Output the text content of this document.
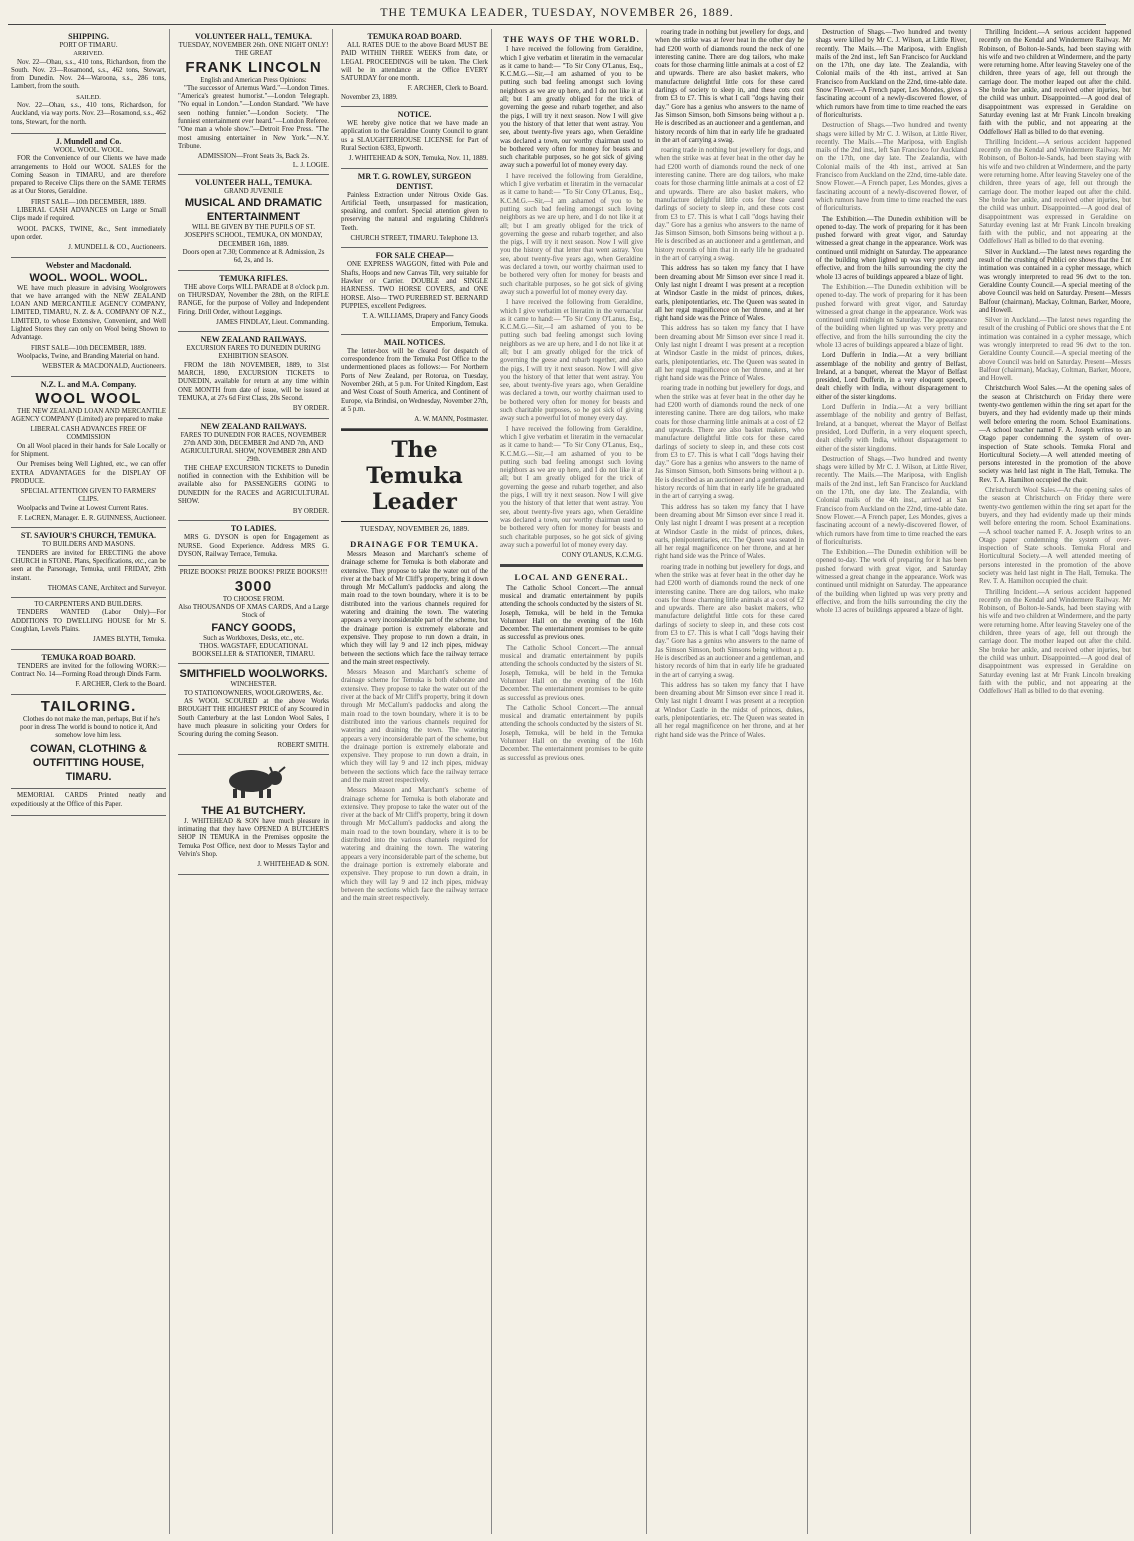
THE TEMUKA LEADER, TUESDAY, NOVEMBER 26, 1889.
SHIPPING.
PORT OF TIMARU.
ARRIVED.

Nov. 22—Ohau, s.s., 410 tons, Richardson, from the South. Nov. 23—Rosamond, s.s., 462 tons, Stewart, from Dunedin. Nov. 24—Waroona, s.s., 286 tons, Lambert, from the south.

SAILED.

Nov. 22—Ohau, s.s., 410 tons, Richardson, for Auckland, via way ports. Nov. 23—Rosamond, s.s., 462 tons, Stewart, for the north.

J. Mundell and Co.
WOOL. WOOL. WOOL.

FOR the Convenience of our Clients we have made arrangements to Hold our WOOL SALES for the Coming Season in TIMARU, and are therefore prepared to Receive Clips there on the SAME TERMS as at Our Stores, Geraldine.

FIRST SALE—10th DECEMBER, 1889.

LIBERAL CASH ADVANCES on Large or Small Clips made if required.

WOOL PACKS, TWINE, &c., Sent immediately upon order.

J. MUNDELL & CO., Auctioneers.
Webster and Macdonald.
WOOL. WOOL. WOOL.

WE have much pleasure in advising Woolgrowers that we have arranged with the NEW ZEALAND LOAN AND MERCANTILE AGENCY COMPANY, LIMITED, TIMARU, N. Z. & A. COMPANY OF N.Z., LIMITED, to whose Extensive, Convenient, and Well Lighted Stores they can only on Wool being Shown to Advantage.

FIRST SALE—10th DECEMBER, 1889.

Woolpacks, Twine, and Branding Material on hand.

WEBSTER & MACDONALD, Auctioneers.
N.Z. L. and M.A. Company.
WOOL WOOL

THE NEW ZEALAND LOAN AND MERCANTILE AGENCY COMPANY (Limited) are prepared to make

LIBERAL CASH ADVANCES FREE OF COMMISSION

On all Wool placed in their hands for Sale Locally or for Shipment.

Our Premises being Well Lighted, etc., we can offer EXTRA ADVANTAGES for the DISPLAY OF PRODUCE.

SPECIAL ATTENTION GIVEN TO FARMERS' CLIPS.

Woolpacks and Twine at Lowest Current Rates.

F. LeCREN, Manager. E. R. GUINNESS, Auctioneer.
ST. SAVIOUR'S CHURCH, TEMUKA.
TO BUILDERS AND MASONS.

TENDERS are invited for ERECTING the above CHURCH in STONE. Plans, Specifications, etc., can be seen at the Parsonage, Temuka, until FRIDAY, 29th instant.

THOMAS CANE, Architect and Surveyor.
TO CARPENTERS AND BUILDERS.

TENDERS WANTED (Labor Only)—For ADDITIONS TO DWELLING HOUSE for Mr S. Coughlan, Levels Plains.

JAMES BLYTH, Temuka.
TEMUKA ROAD BOARD.

TENDERS are invited for the following WORK:— Contract No. 14—Forming Road through Dinds Farm.

F. ARCHER, Clerk to the Board.
TAILORING.

Clothes do not make the man, perhaps, But if he's poor in dress The world is bound to notice it, And somehow love him less.

COWAN, CLOTHING & OUTFITTING HOUSE, TIMARU.

MEMORIAL CARDS Printed neatly and expeditiously at the Office of this Paper.

VOLUNTEER HALL, TEMUKA.
TUESDAY, NOVEMBER 26th. ONE NIGHT ONLY! THE GREAT
FRANK LINCOLN
English and American Press Opinions:

"The successor of Artemus Ward."—London Times. "America's greatest humorist."—London Telegraph. "No equal in London."—London Standard. "We have seen nothing funnier."—London Society. "The funniest entertainment ever heard."—London Referee. "One man a whole show."—Detroit Free Press. "The most amusing entertainer in New York."—N.Y. Tribune.

ADMISSION—Front Seats 3s, Back 2s.
L. J. LOGIE.
VOLUNTEER HALL, TEMUKA.
GRAND JUVENILE
MUSICAL AND DRAMATIC ENTERTAINMENT
WILL BE GIVEN BY THE PUPILS OF ST. JOSEPH'S SCHOOL, TEMUKA, ON MONDAY, DECEMBER 16th, 1889.
Doors open at 7.30; Commence at 8. Admission, 2s 6d, 2s, and 1s.
TEMUKA RIFLES.

THE above Corps WILL PARADE at 8 o'clock p.m. on THURSDAY, November the 28th, on the RIFLE RANGE, for the purpose of Volley and Independent Firing. Drill Order, without Leggings.

JAMES FINDLAY, Lieut. Commanding.
NEW ZEALAND RAILWAYS.
EXCURSION FARES TO DUNEDIN DURING EXHIBITION SEASON.

FROM the 18th NOVEMBER, 1889, to 31st MARCH, 1890, EXCURSION TICKETS to DUNEDIN, available for return at any time within ONE MONTH from date of issue, will be issued at TEMUKA, at 27s 6d First Class, 20s Second.

BY ORDER.
NEW ZEALAND RAILWAYS.
FARES TO DUNEDIN FOR RACES, NOVEMBER 27th AND 30th, DECEMBER 2nd AND 7th, AND AGRICULTURAL SHOW, NOVEMBER 28th AND 29th.

THE CHEAP EXCURSION TICKETS to Dunedin notified in connection with the Exhibition will be available also for PASSENGERS GOING to DUNEDIN for the RACES and AGRICULTURAL SHOW.

BY ORDER.
TO LADIES.

MRS G. DYSON is open for Engagement as NURSE. Good Experience. Address MRS G. DYSON, Railway Terrace, Temuka.

PRIZE BOOKS! PRIZE BOOKS! PRIZE BOOKS!!!
3000
TO CHOOSE FROM.
Also THOUSANDS OF XMAS CARDS, And a Large Stock of
FANCY GOODS,
Such as Workboxes, Desks, etc., etc.
THOS. WAGSTAFF, EDUCATIONAL BOOKSELLER & STATIONER, TIMARU.
SMITHFIELD WOOLWORKS.
WINCHESTER.
TO STATIONOWNERS, WOOLGROWERS, &c.

AS WOOL SCOURED at the above Works BROUGHT THE HIGHEST PRICE of any Scoured in South Canterbury at the last London Wool Sales, I have much pleasure in soliciting your Orders for Scouring during the coming Season.

ROBERT SMITH.
THE A1 BUTCHERY.

J. WHITEHEAD & SON have much pleasure in intimating that they have OPENED A BUTCHER'S SHOP IN TEMUKA in the Premises opposite the Temuka Post Office, next door to Messrs Taylor and Velvin's Shop.

J. WHITEHEAD & SON.
TEMUKA ROAD BOARD.

ALL RATES DUE to the above Board MUST BE PAID WITHIN THREE WEEKS from date, or LEGAL PROCEEDINGS will be taken. The Clerk will be in attendance at the Office EVERY SATURDAY for one month.

F. ARCHER, Clerk to Board.
November 23, 1889.
NOTICE.

WE hereby give notice that we have made an application to the Geraldine County Council to grant us a SLAUGHTERHOUSE LICENSE for Part of Rural Section 6383, Epworth.

J. WHITEHEAD & SON, Temuka, Nov. 11, 1889.
MR T. G. ROWLEY, SURGEON DENTIST.

Painless Extraction under Nitrous Oxide Gas. Artificial Teeth, unsurpassed for mastication, speaking, and comfort. Special attention given to preserving the natural and regulating Children's Teeth.

CHURCH STREET, TIMARU. Telephone 13.
FOR SALE CHEAP—

ONE EXPRESS WAGGON, fitted with Pole and Shafts, Hoops and new Canvas Tilt, very suitable for Hawker or Carrier. DOUBLE and SINGLE HARNESS. TWO HORSE COVERS, and ONE HORSE. Also— TWO PUREBRED ST. BERNARD PUPPIES, excellent Pedigrees.

T. A. WILLIAMS, Drapery and Fancy Goods Emporium, Temuka.
MAIL NOTICES.

The letter-box will be cleared for despatch of correspondence from the Temuka Post Office to the undermentioned places as follows:— For Northern Ports of New Zealand, per Rotorua, on Tuesday, November 26th, at 5 p.m. For United Kingdom, East and West Coast of South America, and Continent of Europe, via Brindisi, on Wednesday, November 27th, at 5 p.m.

A. W. MANN, Postmaster.
The Temuka Leader
TUESDAY, NOVEMBER 26, 1889.
DRAINAGE FOR TEMUKA.

Messrs Meason and Marchant's scheme of drainage scheme for Temuka is both elaborate and extensive. They propose to take the water out of the river at the back of Mr Cliff's property, bring it down through Mr McCallum's paddocks and along the main road to the town boundary, where it is to be distributed into the various channels required for watering and draining the town. The watering appears a very inconsiderable part of the scheme, but the drainage portion is extremely elaborate and expensive. They propose to run down a drain, in which they will lay 9 and 12 inch pipes, midway between the sections which face the railway terrace and the main street respectively.

Messrs Meason and Marchant's scheme of drainage scheme for Temuka is both elaborate and extensive. They propose to take the water out of the river at the back of Mr Cliff's property, bring it down through Mr McCallum's paddocks and along the main road to the town boundary, where it is to be distributed into the various channels required for watering and draining the town. The watering appears a very inconsiderable part of the scheme, but the drainage portion is extremely elaborate and expensive. They propose to run down a drain, in which they will lay 9 and 12 inch pipes, midway between the sections which face the railway terrace and the main street respectively.

Messrs Meason and Marchant's scheme of drainage scheme for Temuka is both elaborate and extensive. They propose to take the water out of the river at the back of Mr Cliff's property, bring it down through Mr McCallum's paddocks and along the main road to the town boundary, where it is to be distributed into the various channels required for watering and draining the town. The watering appears a very inconsiderable part of the scheme, but the drainage portion is extremely elaborate and expensive. They propose to run down a drain, in which they will lay 9 and 12 inch pipes, midway between the sections which face the railway terrace and the main street respectively.

THE WAYS OF THE WORLD.

I have received the following from Geraldine, which I give verbatim et literatim in the vernacular as it came to hand:— "To Sir Cony O'Lanus, Esq., K.C.M.G.—Sir,—I am ashamed of you to be putting such bad feeling amongst such loving neighbors as we are up here, and I do not like it at all; but I am greatly obliged for the trick of governing the geese and rubarb together, and also the pigs, I will try it next season. Now I will give you the history of that letter that went astray. You see, about twenty-five years ago, when Geraldine was declared a town, our worthy chairman used to be bothered very often for money for beasts and such charitable purposes, so he got sick of giving away such a powerful lot of money every day.

I have received the following from Geraldine, which I give verbatim et literatim in the vernacular as it came to hand:— "To Sir Cony O'Lanus, Esq., K.C.M.G.—Sir,—I am ashamed of you to be putting such bad feeling amongst such loving neighbors as we are up here, and I do not like it at all; but I am greatly obliged for the trick of governing the geese and rubarb together, and also the pigs, I will try it next season. Now I will give you the history of that letter that went astray. You see, about twenty-five years ago, when Geraldine was declared a town, our worthy chairman used to be bothered very often for money for beasts and such charitable purposes, so he got sick of giving away such a powerful lot of money every day.

I have received the following from Geraldine, which I give verbatim et literatim in the vernacular as it came to hand:— "To Sir Cony O'Lanus, Esq., K.C.M.G.—Sir,—I am ashamed of you to be putting such bad feeling amongst such loving neighbors as we are up here, and I do not like it at all; but I am greatly obliged for the trick of governing the geese and rubarb together, and also the pigs, I will try it next season. Now I will give you the history of that letter that went astray. You see, about twenty-five years ago, when Geraldine was declared a town, our worthy chairman used to be bothered very often for money for beasts and such charitable purposes, so he got sick of giving away such a powerful lot of money every day.

I have received the following from Geraldine, which I give verbatim et literatim in the vernacular as it came to hand:— "To Sir Cony O'Lanus, Esq., K.C.M.G.—Sir,—I am ashamed of you to be putting such bad feeling amongst such loving neighbors as we are up here, and I do not like it at all; but I am greatly obliged for the trick of governing the geese and rubarb together, and also the pigs, I will try it next season. Now I will give you the history of that letter that went astray. You see, about twenty-five years ago, when Geraldine was declared a town, our worthy chairman used to be bothered very often for money for beasts and such charitable purposes, so he got sick of giving away such a powerful lot of money every day.

CONY O'LANUS, K.C.M.G.
LOCAL AND GENERAL.

The Catholic School Concert.—The annual musical and dramatic entertainment by pupils attending the schools conducted by the sisters of St. Joseph, Temuka, will be held in the Temuka Volunteer Hall on the evening of the 16th December. The entertainment promises to be quite as successful as previous ones.

The Catholic School Concert.—The annual musical and dramatic entertainment by pupils attending the schools conducted by the sisters of St. Joseph, Temuka, will be held in the Temuka Volunteer Hall on the evening of the 16th December. The entertainment promises to be quite as successful as previous ones.

The Catholic School Concert.—The annual musical and dramatic entertainment by pupils attending the schools conducted by the sisters of St. Joseph, Temuka, will be held in the Temuka Volunteer Hall on the evening of the 16th December. The entertainment promises to be quite as successful as previous ones.

roaring trade in nothing but jewellery for dogs, and when the strike was at fever heat in the other day he had £200 worth of diamonds round the neck of one interesting canine. There are dog tailors, who make coats for those charming little animals at a cost of £2 and upwards. There are also basket makers, who manufacture delightful little cots for these cared darlings of society to sleep in, and these cots cost from £3 to £7. This is what I call "dogs having their day." Gore has a genius who answers to the name of Jas Simson Simson, both Simsons being without a p. He is described as an auctioneer and a gentleman, and history records of him that in early life he graduated in the art of carrying a swag.

roaring trade in nothing but jewellery for dogs, and when the strike was at fever heat in the other day he had £200 worth of diamonds round the neck of one interesting canine. There are dog tailors, who make coats for those charming little animals at a cost of £2 and upwards. There are also basket makers, who manufacture delightful little cots for these cared darlings of society to sleep in, and these cots cost from £3 to £7. This is what I call "dogs having their day." Gore has a genius who answers to the name of Jas Simson Simson, both Simsons being without a p. He is described as an auctioneer and a gentleman, and history records of him that in early life he graduated in the art of carrying a swag.

This address has so taken my fancy that I have been dreaming about Mr Simson ever since I read it. Only last night I dreamt I was present at a reception at Windsor Castle in the midst of princes, dukes, earls, plenipotentiaries, etc. The Queen was seated in all her regal magnificence on her throne, and at her right hand side was the Prince of Wales.

This address has so taken my fancy that I have been dreaming about Mr Simson ever since I read it. Only last night I dreamt I was present at a reception at Windsor Castle in the midst of princes, dukes, earls, plenipotentiaries, etc. The Queen was seated in all her regal magnificence on her throne, and at her right hand side was the Prince of Wales.

roaring trade in nothing but jewellery for dogs, and when the strike was at fever heat in the other day he had £200 worth of diamonds round the neck of one interesting canine. There are dog tailors, who make coats for those charming little animals at a cost of £2 and upwards. There are also basket makers, who manufacture delightful little cots for these cared darlings of society to sleep in, and these cots cost from £3 to £7. This is what I call "dogs having their day." Gore has a genius who answers to the name of Jas Simson Simson, both Simsons being without a p. He is described as an auctioneer and a gentleman, and history records of him that in early life he graduated in the art of carrying a swag.

This address has so taken my fancy that I have been dreaming about Mr Simson ever since I read it. Only last night I dreamt I was present at a reception at Windsor Castle in the midst of princes, dukes, earls, plenipotentiaries, etc. The Queen was seated in all her regal magnificence on her throne, and at her right hand side was the Prince of Wales.

roaring trade in nothing but jewellery for dogs, and when the strike was at fever heat in the other day he had £200 worth of diamonds round the neck of one interesting canine. There are dog tailors, who make coats for those charming little animals at a cost of £2 and upwards. There are also basket makers, who manufacture delightful little cots for these cared darlings of society to sleep in, and these cots cost from £3 to £7. This is what I call "dogs having their day." Gore has a genius who answers to the name of Jas Simson Simson, both Simsons being without a p. He is described as an auctioneer and a gentleman, and history records of him that in early life he graduated in the art of carrying a swag.

This address has so taken my fancy that I have been dreaming about Mr Simson ever since I read it. Only last night I dreamt I was present at a reception at Windsor Castle in the midst of princes, dukes, earls, plenipotentiaries, etc. The Queen was seated in all her regal magnificence on her throne, and at her right hand side was the Prince of Wales.

Destruction of Shags.—Two hundred and twenty shags were killed by Mr C. J. Wilson, at Little River, recently. The Mails.—The Mariposa, with English mails of the 2nd inst., left San Francisco for Auckland on the 17th, one day late. The Zealandia, with Colonial mails of the 4th inst., arrived at San Francisco from Auckland on the 22nd, time-table date. Snow Flower.—A French paper, Les Mondes, gives a fascinating account of a newly-discovered flower, of which rumors have from time to time reached the ears of floriculturists.

Destruction of Shags.—Two hundred and twenty shags were killed by Mr C. J. Wilson, at Little River, recently. The Mails.—The Mariposa, with English mails of the 2nd inst., left San Francisco for Auckland on the 17th, one day late. The Zealandia, with Colonial mails of the 4th inst., arrived at San Francisco from Auckland on the 22nd, time-table date. Snow Flower.—A French paper, Les Mondes, gives a fascinating account of a newly-discovered flower, of which rumors have from time to time reached the ears of floriculturists.

The Exhibition.—The Dunedin exhibition will be opened to-day. The work of preparing for it has been pushed forward with great vigor, and Saturday witnessed a great change in the appearance. Work was continued until midnight on Saturday. The appearance of the building when lighted up was very pretty and effective, and from the hills surrounding the city the whole 13 acres of buildings appeared a blaze of light.

The Exhibition.—The Dunedin exhibition will be opened to-day. The work of preparing for it has been pushed forward with great vigor, and Saturday witnessed a great change in the appearance. Work was continued until midnight on Saturday. The appearance of the building when lighted up was very pretty and effective, and from the hills surrounding the city the whole 13 acres of buildings appeared a blaze of light.

Lord Dufferin in India.—At a very brilliant assemblage of the nobility and gentry of Belfast, Ireland, at a banquet, whereat the Mayor of Belfast presided, Lord Dufferin, in a very eloquent speech, dealt chiefly with India, without disparagement to either of the sister kingdoms.

Lord Dufferin in India.—At a very brilliant assemblage of the nobility and gentry of Belfast, Ireland, at a banquet, whereat the Mayor of Belfast presided, Lord Dufferin, in a very eloquent speech, dealt chiefly with India, without disparagement to either of the sister kingdoms.

Destruction of Shags.—Two hundred and twenty shags were killed by Mr C. J. Wilson, at Little River, recently. The Mails.—The Mariposa, with English mails of the 2nd inst., left San Francisco for Auckland on the 17th, one day late. The Zealandia, with Colonial mails of the 4th inst., arrived at San Francisco from Auckland on the 22nd, time-table date. Snow Flower.—A French paper, Les Mondes, gives a fascinating account of a newly-discovered flower, of which rumors have from time to time reached the ears of floriculturists.

The Exhibition.—The Dunedin exhibition will be opened to-day. The work of preparing for it has been pushed forward with great vigor, and Saturday witnessed a great change in the appearance. Work was continued until midnight on Saturday. The appearance of the building when lighted up was very pretty and effective, and from the hills surrounding the city the whole 13 acres of buildings appeared a blaze of light.

Thrilling Incident.—A serious accident happened recently on the Kendal and Windermere Railway. Mr Robinson, of Bolton-le-Sands, had been staying with his wife and two children at Windermere, and the party were returning home. After leaving Staveley one of the children, three years of age, fell out through the carriage door. The mother leaped out after the child. She broke her ankle, and received other injuries, but the child was unhurt. Disappointed.—A good deal of disappointment was expressed in Geraldine on Saturday evening last at Mr Frank Lincoln breaking faith with the public, and not appearing at the Oddfellows' Hall as billed to do that evening.

Thrilling Incident.—A serious accident happened recently on the Kendal and Windermere Railway. Mr Robinson, of Bolton-le-Sands, had been staying with his wife and two children at Windermere, and the party were returning home. After leaving Staveley one of the children, three years of age, fell out through the carriage door. The mother leaped out after the child. She broke her ankle, and received other injuries, but the child was unhurt. Disappointed.—A good deal of disappointment was expressed in Geraldine on Saturday evening last at Mr Frank Lincoln breaking faith with the public, and not appearing at the Oddfellows' Hall as billed to do that evening.

Silver in Auckland.—The latest news regarding the result of the crushing of Publici ore shows that the £ nt intimation was contained in a cypher message, which was wrongly interpreted to read 96 dwt to the ton. Geraldine County Council.—A special meeting of the above Council was held on Saturday. Present—Messrs Balfour (chairman), Mackay, Coltman, Barker, Moore, and Howell.

Silver in Auckland.—The latest news regarding the result of the crushing of Publici ore shows that the £ nt intimation was contained in a cypher message, which was wrongly interpreted to read 96 dwt to the ton. Geraldine County Council.—A special meeting of the above Council was held on Saturday. Present—Messrs Balfour (chairman), Mackay, Coltman, Barker, Moore, and Howell.

Christchurch Wool Sales.—At the opening sales of the season at Christchurch on Friday there were twenty-two gentlemen within the ring set apart for the buyers, and they had evidently made up their minds well before entering the room. School Examinations.—A school teacher named F. A. Joseph writes to an Otago paper condemning the system of over-inspection of State schools. Temuka Floral and Horticultural Society.—A well attended meeting of persons interested in the promotion of the above society was held last night in The Hall, Temuka. The Rev. T. A. Hamilton occupied the chair.

Christchurch Wool Sales.—At the opening sales of the season at Christchurch on Friday there were twenty-two gentlemen within the ring set apart for the buyers, and they had evidently made up their minds well before entering the room. School Examinations.—A school teacher named F. A. Joseph writes to an Otago paper condemning the system of over-inspection of State schools. Temuka Floral and Horticultural Society.—A well attended meeting of persons interested in the promotion of the above society was held last night in The Hall, Temuka. The Rev. T. A. Hamilton occupied the chair.

Thrilling Incident.—A serious accident happened recently on the Kendal and Windermere Railway. Mr Robinson, of Bolton-le-Sands, had been staying with his wife and two children at Windermere, and the party were returning home. After leaving Staveley one of the children, three years of age, fell out through the carriage door. The mother leaped out after the child. She broke her ankle, and received other injuries, but the child was unhurt. Disappointed.—A good deal of disappointment was expressed in Geraldine on Saturday evening last at Mr Frank Lincoln breaking faith with the public, and not appearing at the Oddfellows' Hall as billed to do that evening.
